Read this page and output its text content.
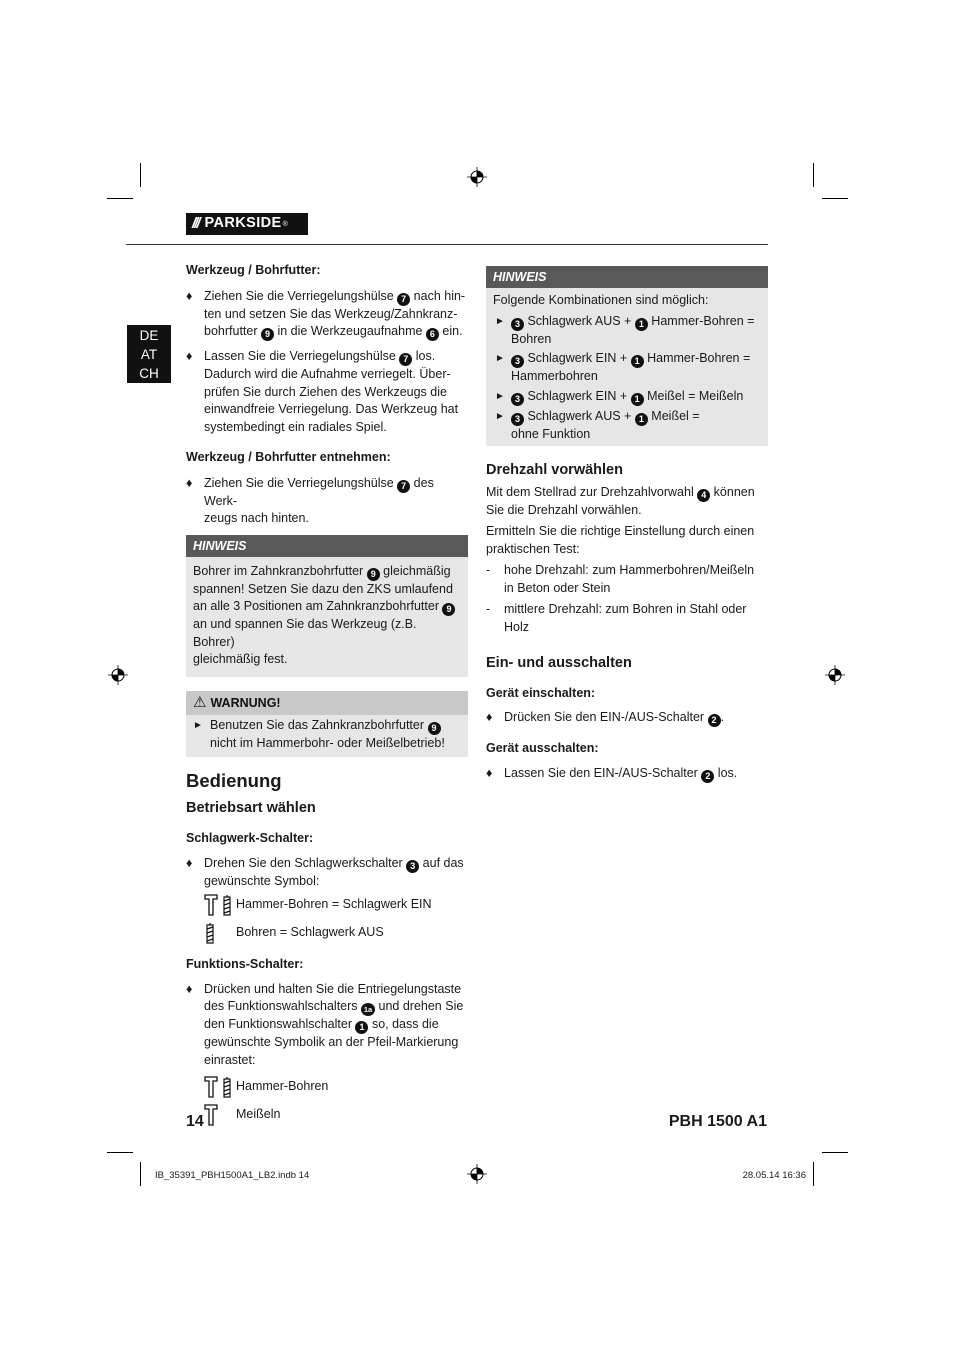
/// PARKSIDE ®
DE
AT
CH
Werkzeug / Bohrfutter:
♦ Ziehen Sie die Verriegelungshülse 7 nach hin-
ten und setzen Sie das Werkzeug/Zahnkranz-
bohrfutter 9 in die Werkzeugaufnahme 6 ein.
♦ Lassen Sie die Verriegelungshülse 7 los.
Dadurch wird die Aufnahme verriegelt. Über-
prüfen Sie durch Ziehen des Werkzeugs die
einwandfreie Verriegelung. Das Werkzeug hat
systembedingt ein radiales Spiel.
Werkzeug / Bohrfutter entnehmen:
♦ Ziehen Sie die Verriegelungshülse 7 des Werk-
zeugs nach hinten.
HINWEIS
Bohrer im Zahnkranzbohrfutter 9 gleichmäßig
spannen! Setzen Sie dazu den ZKS umlaufend
an alle 3 Positionen am Zahnkranzbohrfutter 9
an und spannen Sie das Werkzeug (z.B. Bohrer)
gleichmäßig fest.
⚠ WARNUNG!
► Benutzen Sie das Zahnkranzbohrfutter 9
nicht im Hammerbohr- oder Meißelbetrieb!
Bedienung
Betriebsart wählen
Schlagwerk-Schalter:
♦ Drehen Sie den Schlagwerkschalter 3 auf das
gewünschte Symbol:
Hammer-Bohren = Schlagwerk EIN
Bohren = Schlagwerk AUS
Funktions-Schalter:
♦ Drücken und halten Sie die Entriegelungstaste
des Funktionswahlschalters 1a und drehen Sie
den Funktionswahlschalter 1 so, dass die
gewünschte Symbolik an der Pfeil-Markierung
einrastet:
Hammer-Bohren
Meißeln
HINWEIS
Folgende Kombinationen sind möglich:
►	3 Schlagwerk AUS + 1 Hammer-Bohren =
Bohren
►	3 Schlagwerk EIN + 1 Hammer-Bohren =
Hammerbohren
►	3 Schlagwerk EIN + 1 Meißel = Meißeln
►	3 Schlagwerk AUS + 1 Meißel =
ohne Funktion
Drehzahl vorwählen
Mit dem Stellrad zur Drehzahlvorwahl 4 können
Sie die Drehzahl vorwählen.
Ermitteln Sie die richtige Einstellung durch einen
praktischen Test:
- hohe Drehzahl: zum Hammerbohren/Meißeln
in Beton oder Stein
- mittlere Drehzahl: zum Bohren in Stahl oder
Holz
Ein- und ausschalten
Gerät einschalten:
♦ Drücken Sie den EIN-/AUS-Schalter 2 .
Gerät ausschalten:
♦ Lassen Sie den EIN-/AUS-Schalter 2 los.
14	PBH 1500 A1
IB_35391_PBH1500A1_LB2.indb 14	28.05.14 16:36
